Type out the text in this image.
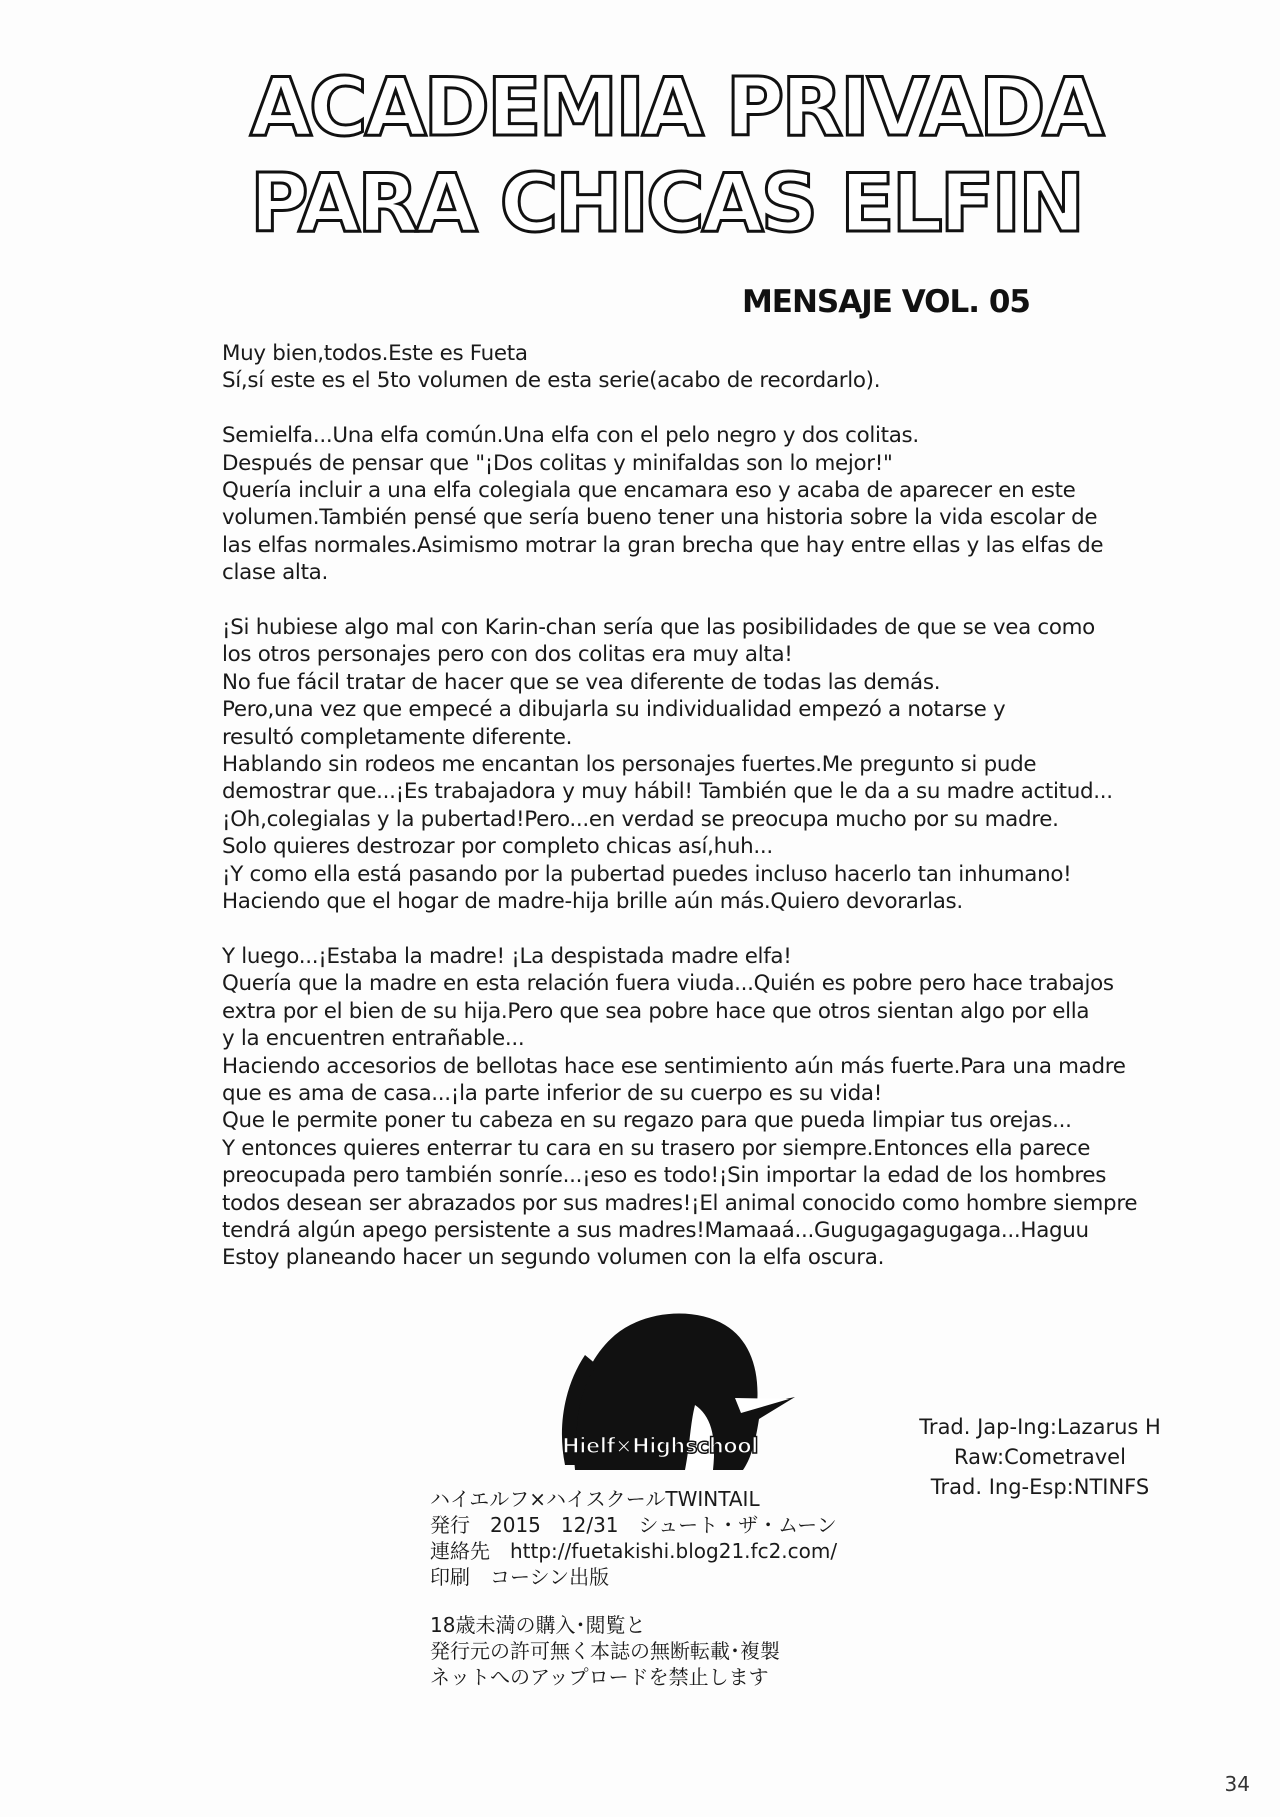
ACADEMIA PRIVADA
PARA CHICAS ELFIN
MENSAJE VOL. 05
Muy bien,todos.Este es Fueta
Sí,sí este es el 5to volumen de esta serie(acabo de recordarlo).
Semielfa...Una elfa común.Una elfa con el pelo negro y dos colitas.
Después de pensar que "¡Dos colitas y minifaldas son lo mejor!"
Quería incluir a una elfa colegiala que encamara eso y acaba de aparecer en este
volumen.También pensé que sería bueno tener una historia sobre la vida escolar de
las elfas normales.Asimismo motrar la gran brecha que hay entre ellas y las elfas de
clase alta.
¡Si hubiese algo mal con Karin-chan sería que las posibilidades de que se vea como
los otros personajes pero con dos colitas era muy alta!
No fue fácil tratar de hacer que se vea diferente de todas las demás.
Pero,una vez que empecé a dibujarla su individualidad empezó a notarse y
resultó completamente diferente.
Hablando sin rodeos me encantan los personajes fuertes.Me pregunto si pude
demostrar que...¡Es trabajadora y muy hábil! También que le da a su madre actitud...
¡Oh,colegialas y la pubertad!Pero...en verdad se preocupa mucho por su madre.
Solo quieres destrozar por completo chicas así,huh...
¡Y como ella está pasando por la pubertad puedes incluso hacerlo tan inhumano!
Haciendo que el hogar de madre-hija brille aún más.Quiero devorarlas.
Y luego...¡Estaba la madre! ¡La despistada madre elfa!
Quería que la madre en esta relación fuera viuda...Quién es pobre pero hace trabajos
extra por el bien de su hija.Pero que sea pobre hace que otros sientan algo por ella
y la encuentren entrañable...
Haciendo accesorios de bellotas hace ese sentimiento aún más fuerte.Para una madre
que es ama de casa...¡la parte inferior de su cuerpo es su vida!
Que le permite poner tu cabeza en su regazo para que pueda limpiar tus orejas...
Y entonces quieres enterrar tu cara en su trasero por siempre.Entonces ella parece
preocupada pero también sonríe...¡eso es todo!¡Sin importar la edad de los hombres
todos desean ser abrazados por sus madres!¡El animal conocido como hombre siempre
tendrá algún apego persistente a sus madres!Mamaaá...Gugugagagugaga...Haguu
Estoy planeando hacer un segundo volumen con la elfa oscura.
Hielf×Highschool
Trad. Jap-Ing:Lazarus H
Raw:Cometravel
Trad. Ing-Esp:NTINFS
ハイエルフ×ハイスクールTWINTAIL
発行　2015　12/31　シュート・ザ・ムーン
連絡先　http://fuetakishi.blog21.fc2.com/
印刷　コーシン出版
18歳未満の購入･閲覧と
発行元の許可無く本誌の無断転載･複製
ネットへのアップロードを禁止します
34
